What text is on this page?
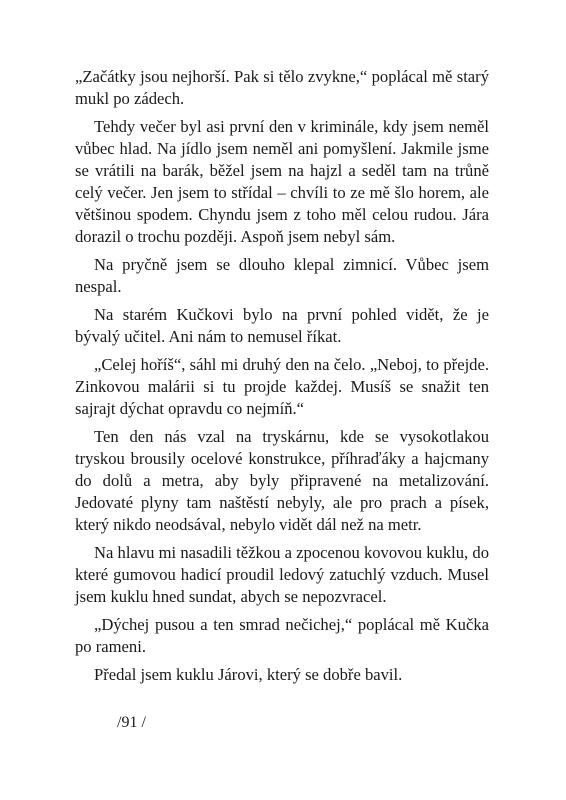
„Začátky jsou nejhorší. Pak si tělo zvykne,“ poplácal mě starý mukl po zádech.

Tehdy večer byl asi první den v kriminále, kdy jsem neměl vůbec hlad. Na jídlo jsem neměl ani pomyšlení. Jakmile jsme se vrátili na barák, běžel jsem na hajzl a seděl tam na trůně celý večer. Jen jsem to střídal – chvíli to ze mě šlo horem, ale většinou spodem. Chyndu jsem z toho měl celou rudou. Jára dorazil o trochu později. Aspoň jsem nebyl sám.

Na pryčně jsem se dlouho klepal zimnicí. Vůbec jsem nespal.

Na starém Kučkovi bylo na první pohled vidět, že je bývalý učitel. Ani nám to nemusel říkat.

„Celej hoříš“, sáhl mi druhý den na čelo. „Neboj, to přejde. Zinkovou malárii si tu projde každej. Musíš se snažit ten sajrajt dýchat opravdu co nejmíň.“

Ten den nás vzal na tryskárnu, kde se vysokotlakou tryskou brousily ocelové konstrukce, příhraďáky a hajcmany do dolů a metra, aby byly připravené na metalizování. Jedovaté plyny tam naštěstí nebyly, ale pro prach a písek, který nikdo neodsával, nebylo vidět dál než na metr.

Na hlavu mi nasadili těžkou a zpocenou kovovou kuklu, do které gumovou hadicí proudil ledový zatuchlý vzduch. Musel jsem kuklu hned sundat, abych se nepozvracel.

„Dýchej pusou a ten smrad nečichej,“ poplácal mě Kučka po rameni.

Předal jsem kuklu Járovi, který se dobře bavil.

/91 /
